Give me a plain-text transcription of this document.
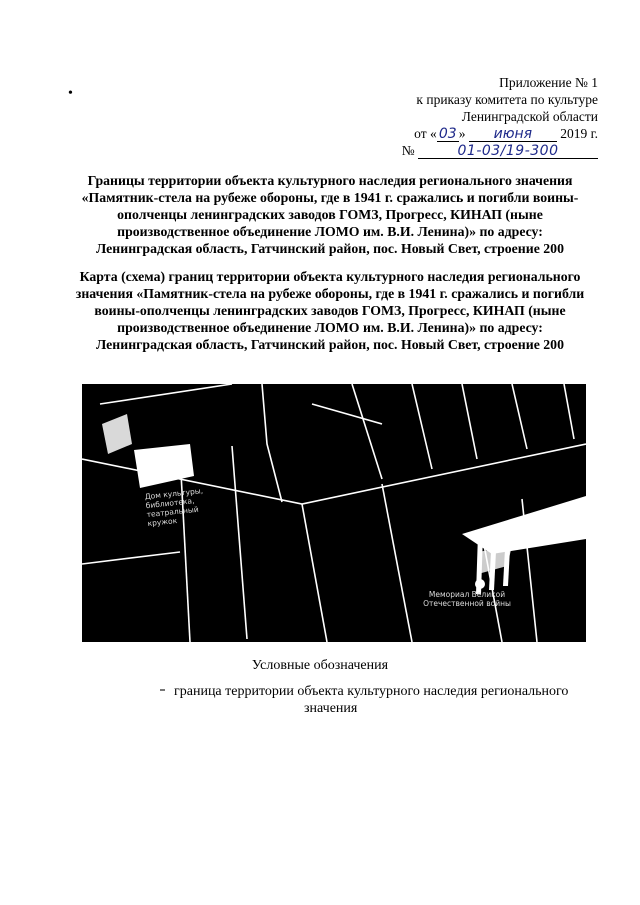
•
Приложение № 1
к приказу комитета по культуре
Ленинградской области
от « 03 » июня 2019 г.
№	01-03/19-300
Границы территории объекта культурного наследия регионального значения «Памятник-стела на рубеже обороны, где в 1941 г. сражались и погибли воины-ополченцы ленинградских заводов ГОМЗ, Прогресс, КИНАП (ныне производственное объединение ЛОМО им. В.И. Ленина)» по адресу: Ленинградская область, Гатчинский район, пос. Новый Свет, строение 200
Карта (схема) границ территории объекта культурного наследия регионального значения «Памятник-стела на рубеже обороны, где в 1941 г. сражались и погибли воины-ополченцы ленинградских заводов ГОМЗ, Прогресс, КИНАП (ныне производственное объединение ЛОМО им. В.И. Ленина)» по адресу: Ленинградская область, Гатчинский район, пос. Новый Свет, строение 200
Дом культуры, библиотека, театральный кружок
Мемориал Великой Отечественной войны
Условные обозначения
граница территории объекта культурного наследия регионального
значения
